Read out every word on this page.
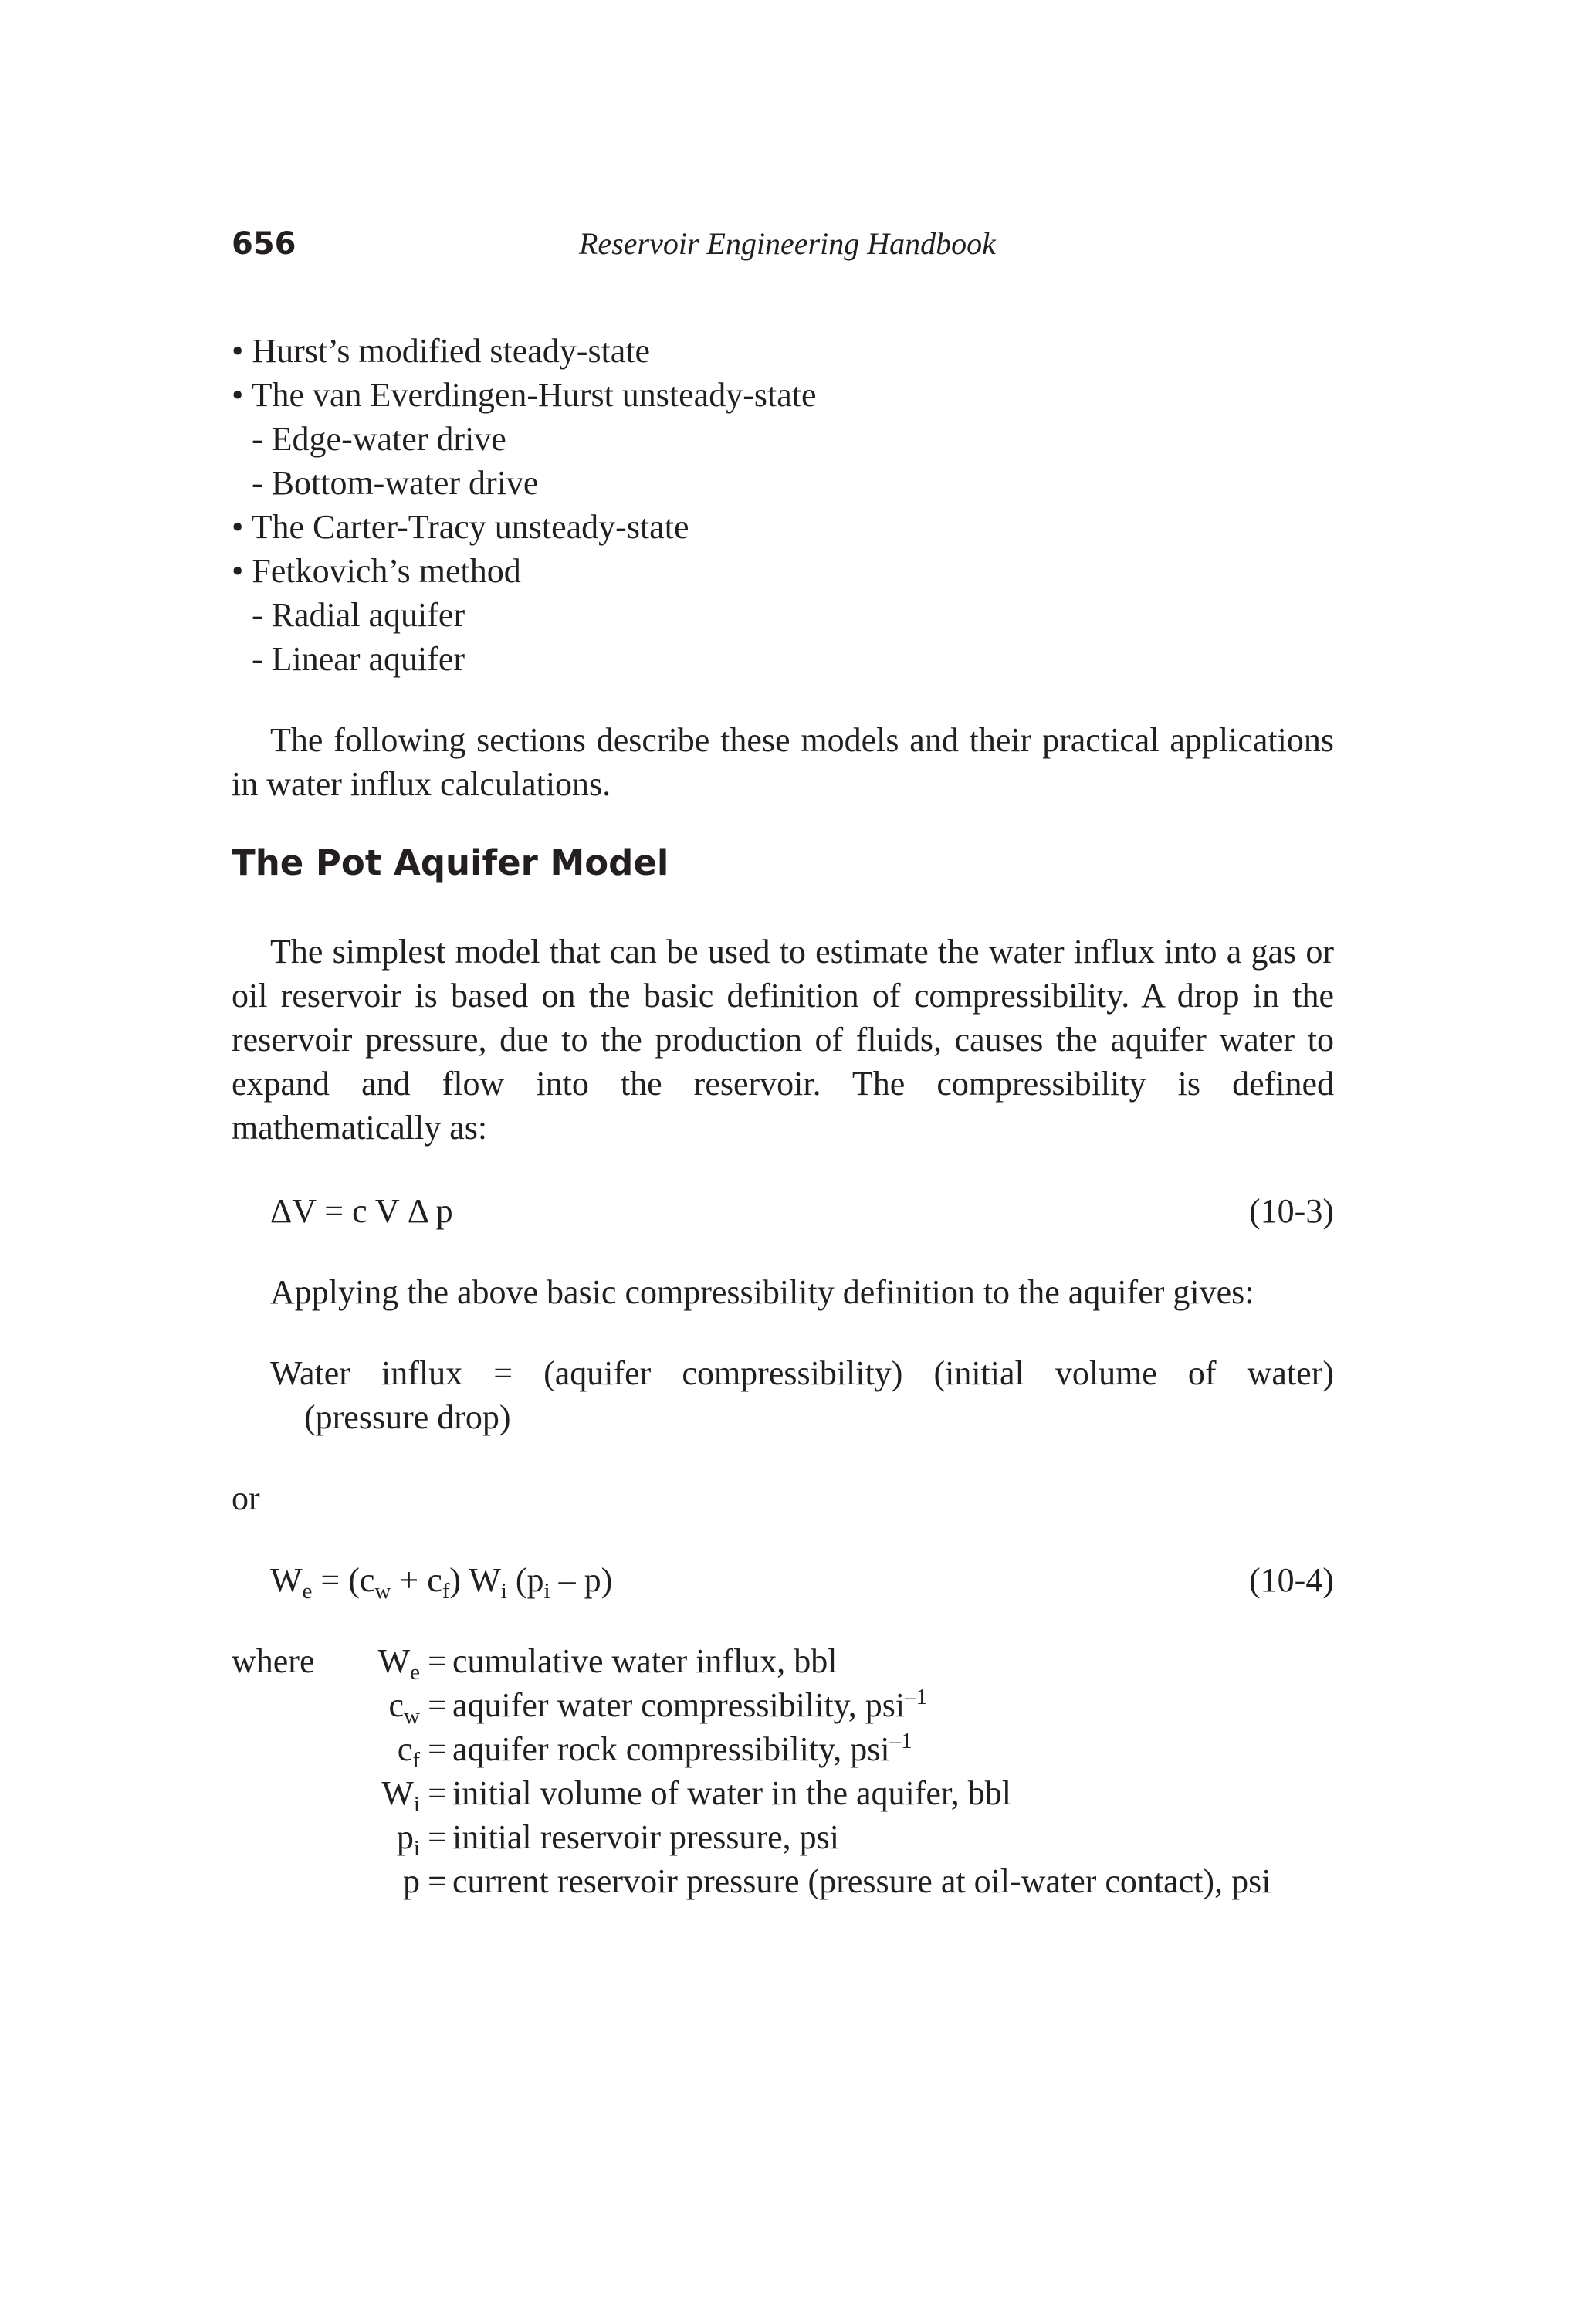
656	Reservoir Engineering Handbook
• Hurst’s modified steady-state
• The van Everdingen-Hurst unsteady-state
- Edge-water drive
- Bottom-water drive
• The Carter-Tracy unsteady-state
• Fetkovich’s method
- Radial aquifer
- Linear aquifer

The following sections describe these models and their practical applications in water influx calculations.

The Pot Aquifer Model

The simplest model that can be used to estimate the water influx into a gas or oil reservoir is based on the basic definition of compressibility. A drop in the reservoir pressure, due to the production of fluids, causes the aquifer water to expand and flow into the reservoir. The compressibility is defined mathematically as:

ΔV = c V Δ p	(10-3)

Applying the above basic compressibility definition to the aquifer gives:

Water influx = (aquifer compressibility) (initial volume of water)

(pressure drop)

or

$W_e = (c_w + c_f)$ $W_i$ $(p_i - p)$	(10-4)
where $W_e$ = cumulative water influx, bbl
$c_w$ = aquifer water compressibility, psi$^{-1}$
$c_f$ = aquifer rock compressibility, psi$^{-1}$
$W_i$ = initial volume of water in the aquifer, bbl
$p_i$ = initial reservoir pressure, psi
p = current reservoir pressure (pressure at oil-water contact), psi
